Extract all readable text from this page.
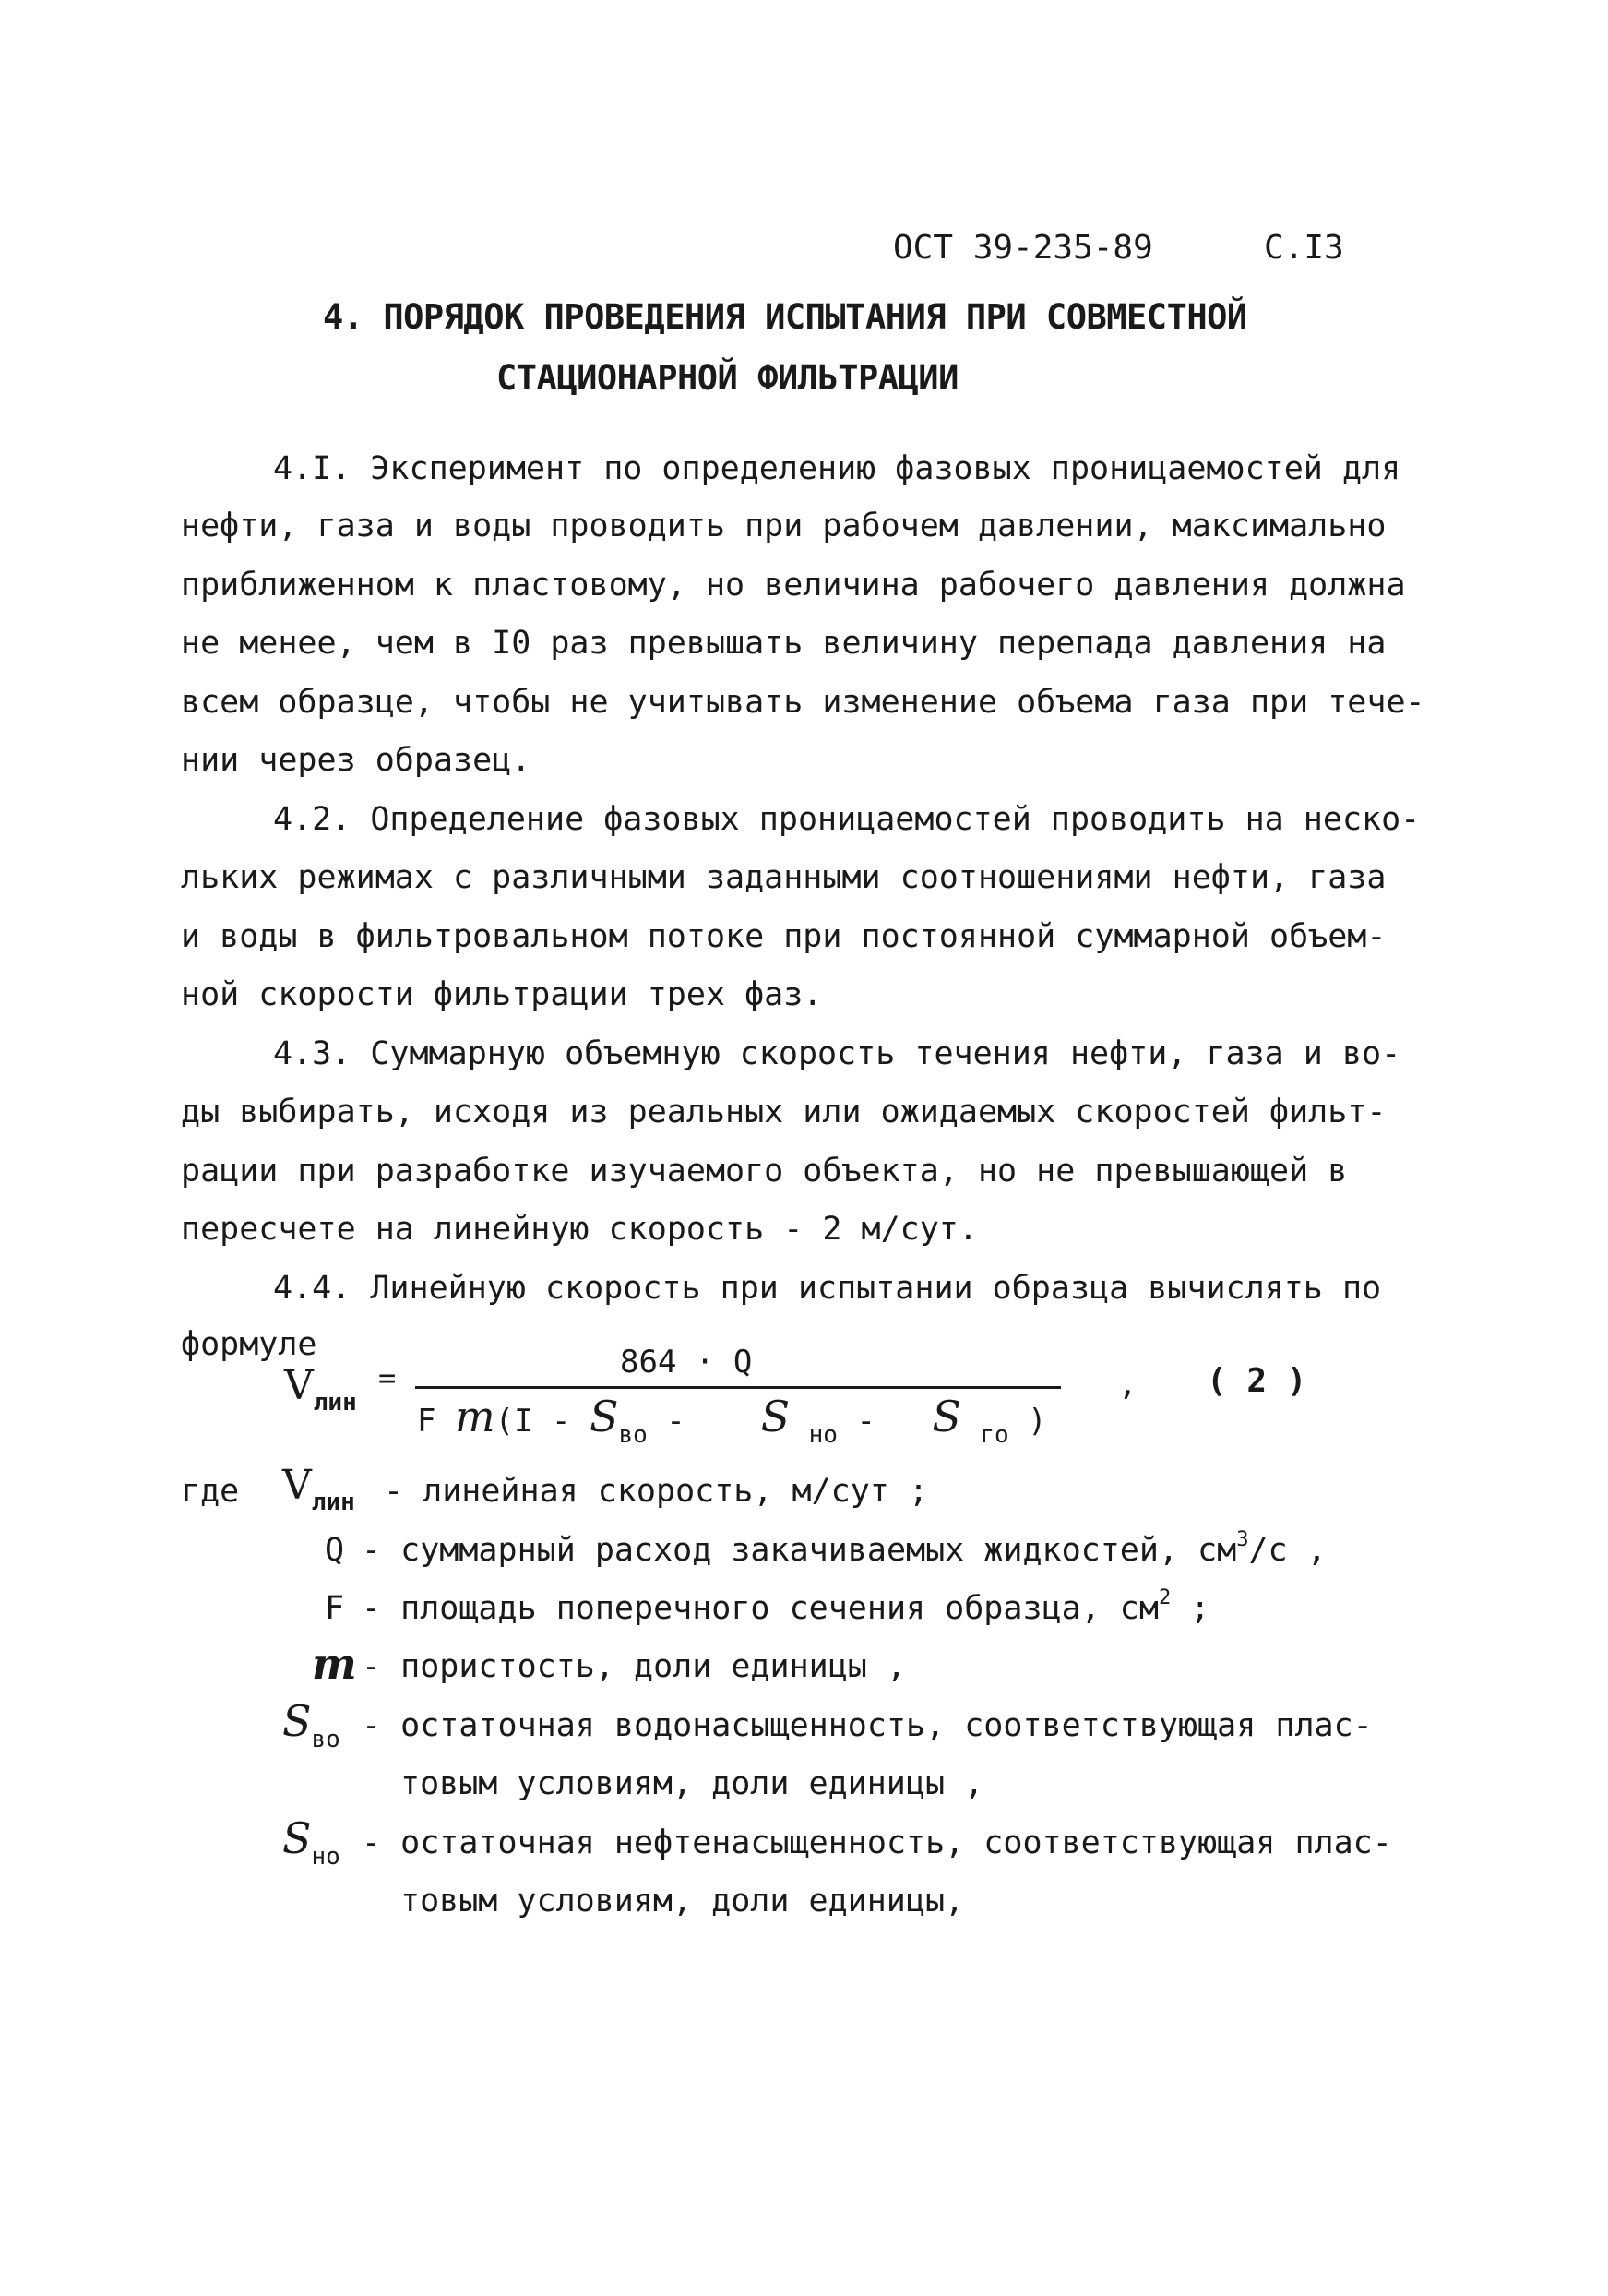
ОСТ 39-235-89	С.I3
4. ПОРЯДОК ПРОВЕДЕНИЯ ИСПЫТАНИЯ ПРИ СОВМЕСТНОЙ
СТАЦИОНАРНОЙ ФИЛЬТРАЦИИ
4.I. Эксперимент по определению фазовых проницаемостей для
нефти, газа и воды проводить при рабочем давлении, максимально
приближенном к пластовому, но величина рабочего давления должна
не менее, чем в I0 раз превышать величину перепада давления на
всем образце, чтобы не учитывать изменение объема газа при тече-
нии через образец.
4.2. Определение фазовых проницаемостей проводить на неско-
льких режимах с различными заданными соотношениями нефти, газа
и воды в фильтровальном потоке при постоянной суммарной объем-
ной скорости фильтрации трех фаз.
4.3. Суммарную объемную скорость течения нефти, газа и во-
ды выбирать, исходя из реальных или ожидаемых скоростей фильт-
рации при разработке изучаемого объекта, но не превышающей в
пересчете на линейную скорость - 2 м/сут.
4.4. Линейную скорость при испытании образца вычислять по
формуле
Vлин
=	864 · Q
F $m(I - S_{во}$ - S $_{но}$ - S $_{го}$ )
, ( 2 )
где Vлин - линейная скорость, м/сут ;
Q - суммарный расход закачиваемых жидкостей, $см^3/c$ ,
F - площадь поперечного сечения образца, $см^2$ ;
m - пористость, доли единицы ,
Sво - остаточная водонасыщенность, соответствующая плас-
товым условиям, доли единицы ,
Sно - остаточная нефтенасыщенность, соответствующая плас-
товым условиям, доли единицы,
